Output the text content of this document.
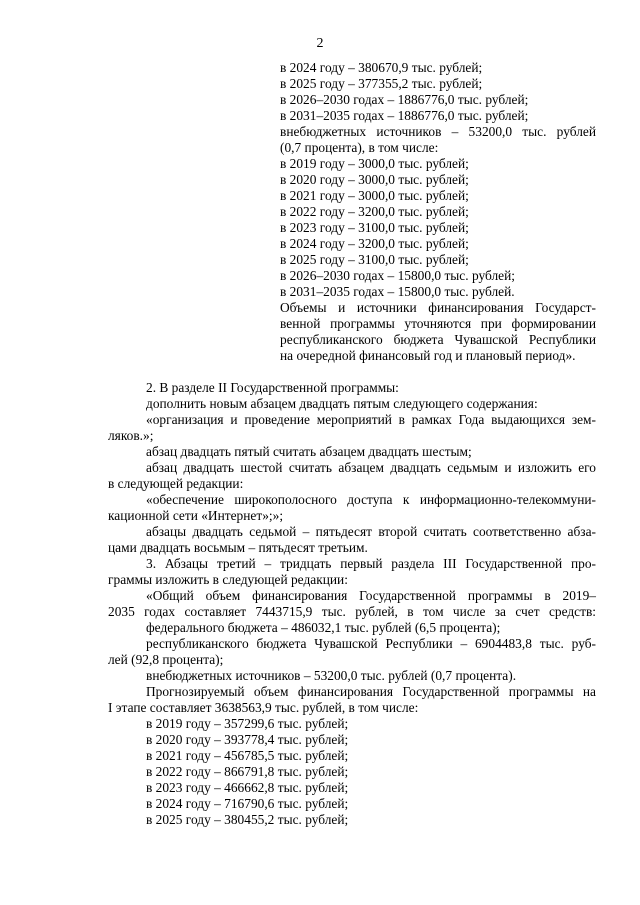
2
в 2024 году – 380670,9 тыс. рублей;
в 2025 году – 377355,2 тыс. рублей;
в 2026–2030 годах – 1886776,0 тыс. рублей;
в 2031–2035 годах – 1886776,0 тыс. рублей;
внебюджетных источников – 53200,0 тыс. рублей
(0,7 процента), в том числе:
в 2019 году – 3000,0 тыс. рублей;
в 2020 году – 3000,0 тыс. рублей;
в 2021 году – 3000,0 тыс. рублей;
в 2022 году – 3200,0 тыс. рублей;
в 2023 году – 3100,0 тыс. рублей;
в 2024 году – 3200,0 тыс. рублей;
в 2025 году – 3100,0 тыс. рублей;
в 2026–2030 годах – 15800,0 тыс. рублей;
в 2031–2035 годах – 15800,0 тыс. рублей.
Объемы и источники финансирования Государст-
венной программы уточняются при формировании
республиканского бюджета Чувашской Республики
на очередной финансовый год и плановый период».
2. В разделе II Государственной программы:
дополнить новым абзацем двадцать пятым следующего содержания:
«организация и проведение мероприятий в рамках Года выдающихся зем-
ляков.»;
абзац двадцать пятый считать абзацем двадцать шестым;
абзац двадцать шестой считать абзацем двадцать седьмым и изложить его
в следующей редакции:
«обеспечение широкополосного доступа к информационно-телекоммуни-
кационной сети «Интернет»;»;
абзацы двадцать седьмой – пятьдесят второй считать соответственно абза-
цами двадцать восьмым – пятьдесят третьим.
3. Абзацы третий – тридцать первый раздела III Государственной про-
граммы изложить в следующей редакции:
«Общий объем финансирования Государственной программы в 2019–
2035 годах составляет 7443715,9 тыс. рублей, в том числе за счет средств:
федерального бюджета – 486032,1 тыс. рублей (6,5 процента);
республиканского бюджета Чувашской Республики – 6904483,8 тыс. руб-
лей (92,8 процента);
внебюджетных источников – 53200,0 тыс. рублей (0,7 процента).
Прогнозируемый объем финансирования Государственной программы на
I этапе составляет 3638563,9 тыс. рублей, в том числе:
в 2019 году – 357299,6 тыс. рублей;
в 2020 году – 393778,4 тыс. рублей;
в 2021 году – 456785,5 тыс. рублей;
в 2022 году – 866791,8 тыс. рублей;
в 2023 году – 466662,8 тыс. рублей;
в 2024 году – 716790,6 тыс. рублей;
в 2025 году – 380455,2 тыс. рублей;
